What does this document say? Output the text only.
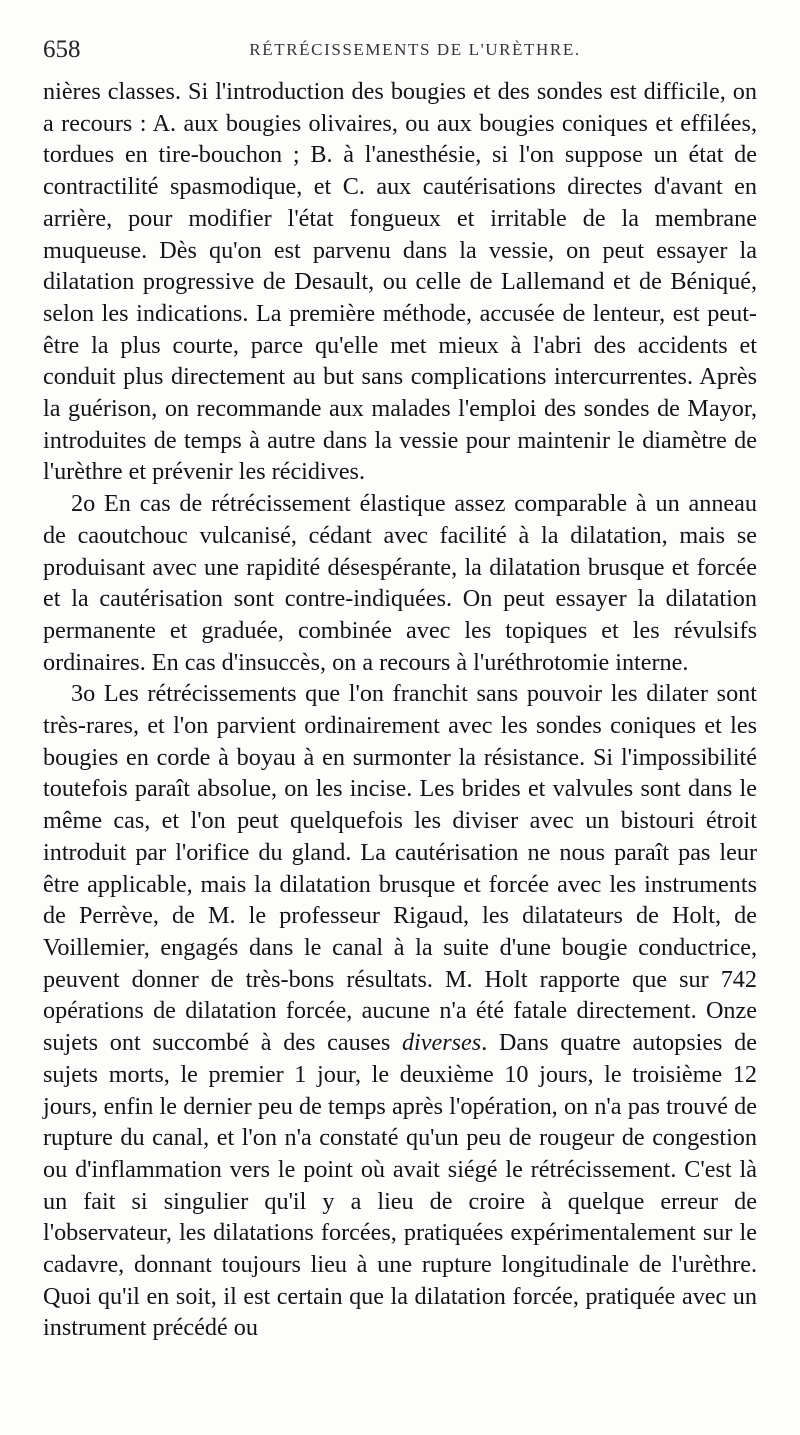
658	RÉTRÉCISSEMENTS DE L'URÈTHRE.

nières classes. Si l'introduction des bougies et des sondes est difficile, on a recours : A. aux bougies olivaires, ou aux bougies coniques et effilées, tordues en tire-bouchon ; B. à l'anesthésie, si l'on suppose un état de contractilité spasmodique, et C. aux cautérisations directes d'avant en arrière, pour modifier l'état fongueux et irritable de la membrane muqueuse. Dès qu'on est parvenu dans la vessie, on peut essayer la dilatation progressive de Desault, ou celle de Lallemand et de Béniqué, selon les indications. La première méthode, accusée de lenteur, est peut-être la plus courte, parce qu'elle met mieux à l'abri des accidents et conduit plus directement au but sans complications intercurrentes. Après la guérison, on recommande aux malades l'emploi des sondes de Mayor, introduites de temps à autre dans la vessie pour maintenir le diamètre de l'urèthre et prévenir les récidives.

2o En cas de rétrécissement élastique assez comparable à un anneau de caoutchouc vulcanisé, cédant avec facilité à la dilatation, mais se produisant avec une rapidité désespérante, la dilatation brusque et forcée et la cautérisation sont contre-indiquées. On peut essayer la dilatation permanente et graduée, combinée avec les topiques et les révulsifs ordinaires. En cas d'insuccès, on a recours à l'uréthrotomie interne.

3o Les rétrécissements que l'on franchit sans pouvoir les dilater sont très-rares, et l'on parvient ordinairement avec les sondes coniques et les bougies en corde à boyau à en surmonter la résistance. Si l'impossibilité toutefois paraît absolue, on les incise. Les brides et valvules sont dans le même cas, et l'on peut quelquefois les diviser avec un bistouri étroit introduit par l'orifice du gland. La cautérisation ne nous paraît pas leur être applicable, mais la dilatation brusque et forcée avec les instruments de Perrève, de M. le professeur Rigaud, les dilatateurs de Holt, de Voillemier, engagés dans le canal à la suite d'une bougie conductrice, peuvent donner de très-bons résultats. M. Holt rapporte que sur 742 opérations de dilatation forcée, aucune n'a été fatale directement. Onze sujets ont succombé à des causes diverses. Dans quatre autopsies de sujets morts, le premier 1 jour, le deuxième 10 jours, le troisième 12 jours, enfin le dernier peu de temps après l'opération, on n'a pas trouvé de rupture du canal, et l'on n'a constaté qu'un peu de rougeur de congestion ou d'inflammation vers le point où avait siégé le rétrécissement. C'est là un fait si singulier qu'il y a lieu de croire à quelque erreur de l'observateur, les dilatations forcées, pratiquées expérimentalement sur le cadavre, donnant toujours lieu à une rupture longitudinale de l'urèthre. Quoi qu'il en soit, il est certain que la dilatation forcée, pratiquée avec un instrument précédé ou
